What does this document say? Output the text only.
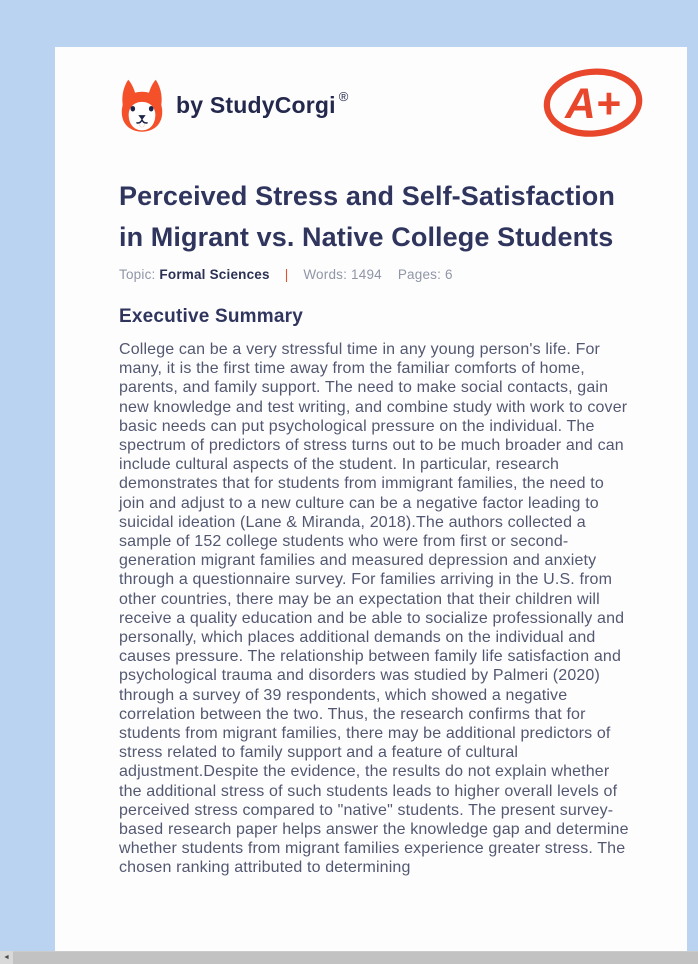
by StudyCorgi ®	A+
Perceived Stress and Self-Satisfaction in Migrant vs. Native College Students
Topic: Formal Sciences | Words: 1494 Pages: 6
Executive Summary

College can be a very stressful time in any young person's life. For many, it is the first time away from the familiar comforts of home, parents, and family support. The need to make social contacts, gain new knowledge and test writing, and combine study with work to cover basic needs can put psychological pressure on the individual. The spectrum of predictors of stress turns out to be much broader and can include cultural aspects of the student. In particular, research demonstrates that for students from immigrant families, the need to join and adjust to a new culture can be a negative factor leading to suicidal ideation (Lane & Miranda, 2018).The authors collected a sample of 152 college students who were from first or second-generation migrant families and measured depression and anxiety through a questionnaire survey. For families arriving in the U.S. from other countries, there may be an expectation that their children will receive a quality education and be able to socialize professionally and personally, which places additional demands on the individual and causes pressure. The relationship between family life satisfaction and psychological trauma and disorders was studied by Palmeri (2020) through a survey of 39 respondents, which showed a negative correlation between the two. Thus, the research confirms that for students from migrant families, there may be additional predictors of stress related to family support and a feature of cultural adjustment.Despite the evidence, the results do not explain whether the additional stress of such students leads to higher overall levels of perceived stress compared to "native" students. The present survey-based research paper helps answer the knowledge gap and determine whether students from migrant families experience greater stress. The chosen ranking attributed to determining

◄
